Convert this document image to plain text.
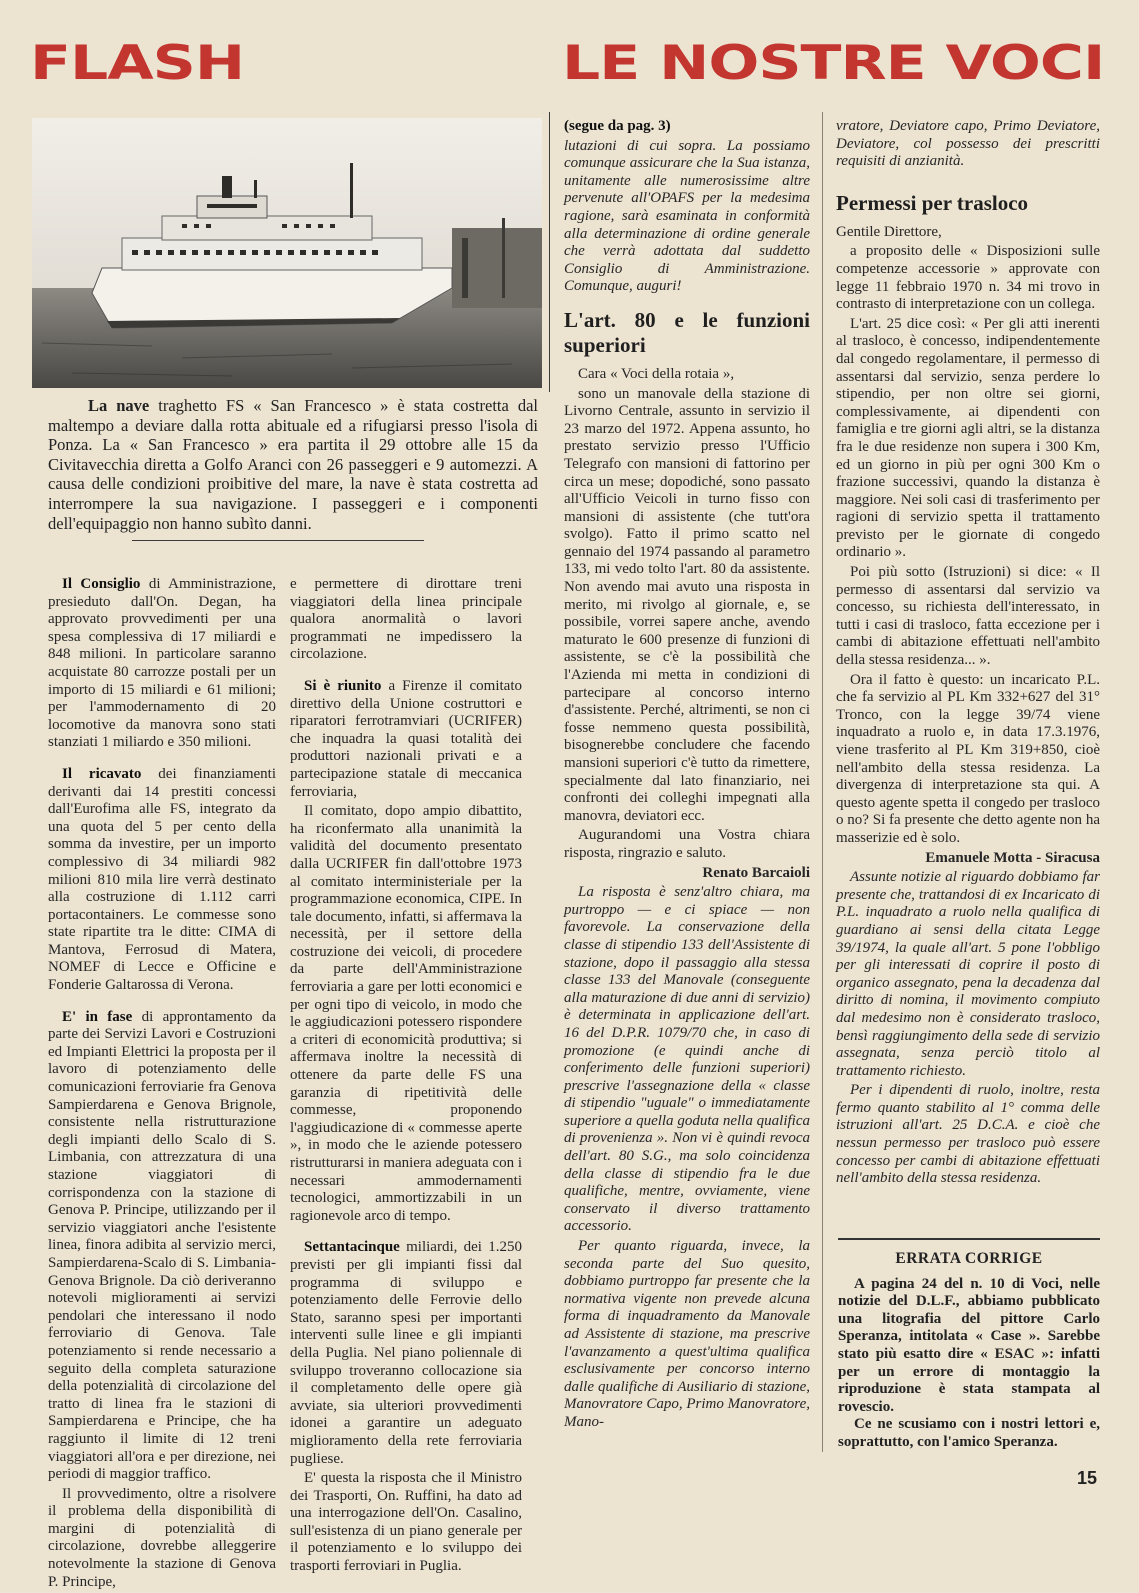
FLASH	LE NOSTRE VOCI

La nave traghetto FS « San Francesco » è stata costretta dal maltempo a deviare dalla rotta abituale ed a rifugiarsi presso l'isola di Ponza. La « San Francesco » era partita il 29 ottobre alle 15 da Civitavecchia diretta a Golfo Aranci con 26 passeggeri e 9 automezzi. A causa delle condizioni proibitive del mare, la nave è stata costretta ad interrompere la sua navigazione. I passeggeri e i componenti dell'equipaggio non hanno subìto danni.

Il Consiglio di Amministrazione, presieduto dall'On. Degan, ha approvato provvedimenti per una spesa complessiva di 17 miliardi e 848 milioni. In particolare saranno acquistate 80 carrozze postali per un importo di 15 miliardi e 61 milioni; per l'ammodernamento di 20 locomotive da manovra sono stati stanziati 1 miliardo e 350 milioni.

Il ricavato dei finanziamenti derivanti dai 14 prestiti concessi dall'Eurofima alle FS, integrato da una quota del 5 per cento della somma da investire, per un importo complessivo di 34 miliardi 982 milioni 810 mila lire verrà destinato alla costruzione di 1.112 carri portacontainers. Le commesse sono state ripartite tra le ditte: CIMA di Mantova, Ferrosud di Matera, NOMEF di Lecce e Officine e Fonderie Galtarossa di Verona.

E' in fase di approntamento da parte dei Servizi Lavori e Costruzioni ed Impianti Elettrici la proposta per il lavoro di potenziamento delle comunicazioni ferroviarie fra Genova Sampierdarena e Genova Brignole, consistente nella ristrutturazione degli impianti dello Scalo di S. Limbania, con attrezzatura di una stazione viaggiatori di corrispondenza con la stazione di Genova P. Principe, utilizzando per il servizio viaggiatori anche l'esistente linea, finora adibita al servizio merci, Sampierdarena-Scalo di S. Limbania-Genova Brignole. Da ciò deriveranno notevoli miglioramenti ai servizi pendolari che interessano il nodo ferroviario di Genova. Tale potenziamento si rende necessario a seguito della completa saturazione della potenzialità di circolazione del tratto di linea fra le stazioni di Sampierdarena e Principe, che ha raggiunto il limite di 12 treni viaggiatori all'ora e per direzione, nei periodi di maggior traffico.

Il provvedimento, oltre a risolvere il problema della disponibilità di margini di potenzialità di circolazione, dovrebbe alleggerire notevolmente la stazione di Genova P. Principe,

e permettere di dirottare treni viaggiatori della linea principale qualora anormalità o lavori programmati ne impedissero la circolazione.

Si è riunito a Firenze il comitato direttivo della Unione costruttori e riparatori ferrotramviari (UCRIFER) che inquadra la quasi totalità dei produttori nazionali privati e a partecipazione statale di meccanica ferroviaria,

Il comitato, dopo ampio dibattito, ha riconfermato alla unanimità la validità del documento presentato dalla UCRIFER fin dall'ottobre 1973 al comitato interministeriale per la programmazione economica, CIPE. In tale documento, infatti, si affermava la necessità, per il settore della costruzione dei veicoli, di procedere da parte dell'Amministrazione ferroviaria a gare per lotti economici e per ogni tipo di veicolo, in modo che le aggiudicazioni potessero rispondere a criteri di economicità produttiva; si affermava inoltre la necessità di ottenere da parte delle FS una garanzia di ripetitività delle commesse, proponendo l'aggiudicazione di « commesse aperte », in modo che le aziende potessero ristrutturarsi in maniera adeguata con i necessari ammodernamenti tecnologici, ammortizzabili in un ragionevole arco di tempo.

Settantacinque miliardi, dei 1.250 previsti per gli impianti fissi dal programma di sviluppo e potenziamento delle Ferrovie dello Stato, saranno spesi per importanti interventi sulle linee e gli impianti della Puglia. Nel piano poliennale di sviluppo troveranno collocazione sia il completamento delle opere già avviate, sia ulteriori provvedimenti idonei a garantire un adeguato miglioramento della rete ferroviaria pugliese.

E' questa la risposta che il Ministro dei Trasporti, On. Ruffini, ha dato ad una interrogazione dell'On. Casalino, sull'esistenza di un piano generale per il potenziamento e lo sviluppo dei trasporti ferroviari in Puglia.

(segue da pag. 3)

lutazioni di cui sopra. La possiamo comunque assicurare che la Sua istanza, unitamente alle numerosissime altre pervenute all'OPAFS per la medesima ragione, sarà esaminata in conformità alla determinazione di ordine generale che verrà adottata dal suddetto Consiglio di Amministrazione. Comunque, auguri!

L'art. 80 e le funzioni superiori

Cara « Voci della rotaia »,

sono un manovale della stazione di Livorno Centrale, assunto in servizio il 23 marzo del 1972. Appena assunto, ho prestato servizio presso l'Ufficio Telegrafo con mansioni di fattorino per circa un mese; dopodiché, sono passato all'Ufficio Veicoli in turno fisso con mansioni di assistente (che tutt'ora svolgo). Fatto il primo scatto nel gennaio del 1974 passando al parametro 133, mi vedo tolto l'art. 80 da assistente. Non avendo mai avuto una risposta in merito, mi rivolgo al giornale, e, se possibile, vorrei sapere anche, avendo maturato le 600 presenze di funzioni di assistente, se c'è la possibilità che l'Azienda mi metta in condizioni di partecipare al concorso interno d'assistente. Perché, altrimenti, se non ci fosse nemmeno questa possibilità, bisognerebbe concludere che facendo mansioni superiori c'è tutto da rimettere, specialmente dal lato finanziario, nei confronti dei colleghi impegnati alla manovra, deviatori ecc.

Augurandomi una Vostra chiara risposta, ringrazio e saluto.

Renato Barcaioli

La risposta è senz'altro chiara, ma purtroppo — e ci spiace — non favorevole. La conservazione della classe di stipendio 133 dell'Assistente di stazione, dopo il passaggio alla stessa classe 133 del Manovale (conseguente alla maturazione di due anni di servizio) è determinata in applicazione dell'art. 16 del D.P.R. 1079/70 che, in caso di promozione (e quindi anche di conferimento delle funzioni superiori) prescrive l'assegnazione della « classe di stipendio "uguale" o immediatamente superiore a quella goduta nella qualifica di provenienza ». Non vi è quindi revoca dell'art. 80 S.G., ma solo coincidenza della classe di stipendio fra le due qualifiche, mentre, ovviamente, viene conservato il diverso trattamento accessorio.

Per quanto riguarda, invece, la seconda parte del Suo quesito, dobbiamo purtroppo far presente che la normativa vigente non prevede alcuna forma di inquadramento da Manovale ad Assistente di stazione, ma prescrive l'avanzamento a quest'ultima qualifica esclusivamente per concorso interno dalle qualifiche di Ausiliario di stazione, Manovratore Capo, Primo Manovratore, Mano-

vratore, Deviatore capo, Primo Deviatore, Deviatore, col possesso dei prescritti requisiti di anzianità.

Permessi per trasloco

Gentile Direttore,

a proposito delle « Disposizioni sulle competenze accessorie » approvate con legge 11 febbraio 1970 n. 34 mi trovo in contrasto di interpretazione con un collega.

L'art. 25 dice così: « Per gli atti inerenti al trasloco, è concesso, indipendentemente dal congedo regolamentare, il permesso di assentarsi dal servizio, senza perdere lo stipendio, per non oltre sei giorni, complessivamente, ai dipendenti con famiglia e tre giorni agli altri, se la distanza fra le due residenze non supera i 300 Km, ed un giorno in più per ogni 300 Km o frazione successivi, quando la distanza è maggiore. Nei soli casi di trasferimento per ragioni di servizio spetta il trattamento previsto per le giornate di congedo ordinario ».

Poi più sotto (Istruzioni) si dice: « Il permesso di assentarsi dal servizio va concesso, su richiesta dell'interessato, in tutti i casi di trasloco, fatta eccezione per i cambi di abitazione effettuati nell'ambito della stessa residenza... ».

Ora il fatto è questo: un incaricato P.L. che fa servizio al PL Km 332+627 del 31° Tronco, con la legge 39/74 viene inquadrato a ruolo e, in data 17.3.1976, viene trasferito al PL Km 319+850, cioè nell'ambito della stessa residenza. La divergenza di interpretazione sta qui. A questo agente spetta il congedo per trasloco o no? Si fa presente che detto agente non ha masserizie ed è solo.

Emanuele Motta - Siracusa

Assunte notizie al riguardo dobbiamo far presente che, trattandosi di ex Incaricato di P.L. inquadrato a ruolo nella qualifica di guardiano ai sensi della citata Legge 39/1974, la quale all'art. 5 pone l'obbligo per gli interessati di coprire il posto di organico assegnato, pena la decadenza dal diritto di nomina, il movimento compiuto dal medesimo non è considerato trasloco, bensì raggiungimento della sede di servizio assegnata, senza perciò titolo al trattamento richiesto.

Per i dipendenti di ruolo, inoltre, resta fermo quanto stabilito al 1° comma delle istruzioni all'art. 25 D.C.A. e cioè che nessun permesso per trasloco può essere concesso per cambi di abitazione effettuati nell'ambito della stessa residenza.

ERRATA CORRIGE

A pagina 24 del n. 10 di Voci, nelle notizie del D.L.F., abbiamo pubblicato una litografia del pittore Carlo Speranza, intitolata « Case ». Sarebbe stato più esatto dire « ESAC »: infatti per un errore di montaggio la riproduzione è stata stampata al rovescio.

Ce ne scusiamo con i nostri lettori e, soprattutto, con l'amico Speranza.

15
